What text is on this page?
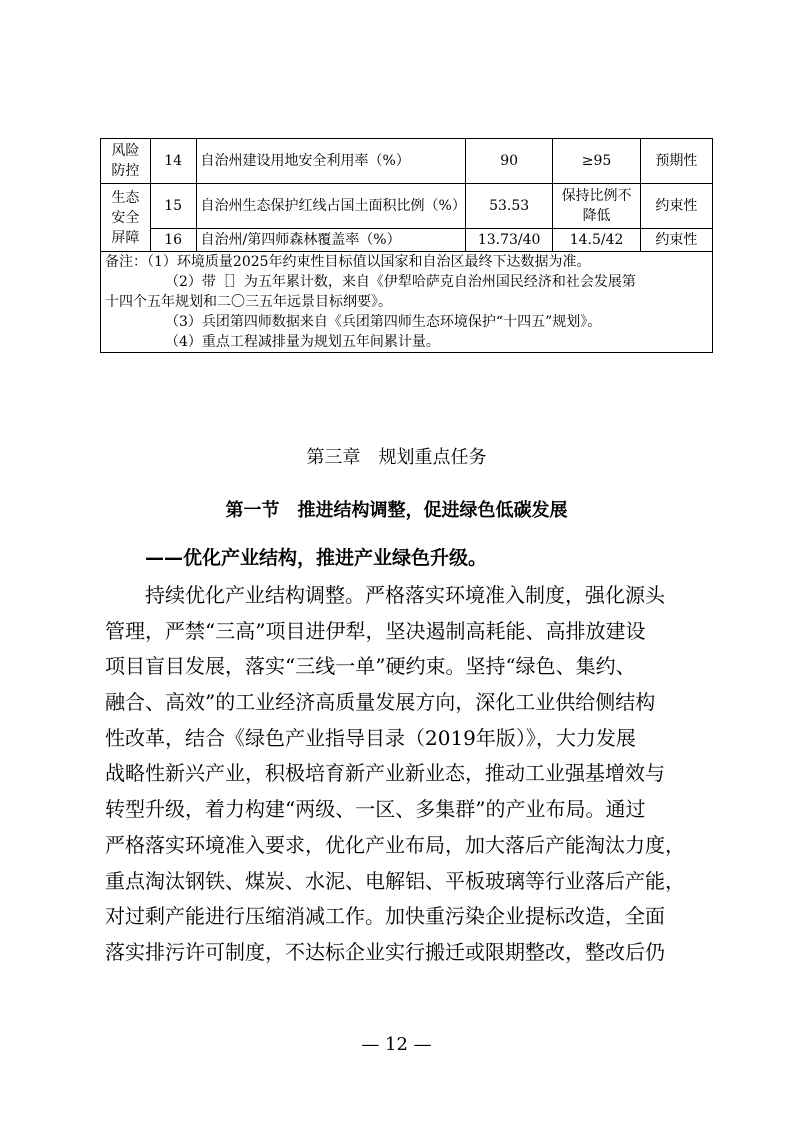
风险防控	14	自治州建设用地安全利用率（%）	90	≥95	预期性
生态安全屏障	15	自治州生态保护红线占国土面积比例（%）	53.53	保持比例不降低	约束性
	16	自治州/第四师森林覆盖率（%）	13.73/40	14.5/42	约束性

备注：（1）环境质量2025年约束性目标值以国家和自治区最终下达数据为准。
（2）带［］为五年累计数，来自《伊犁哈萨克自治州国民经济和社会发展第
十四个五年规划和二〇三五年远景目标纲要》。
（3）兵团第四师数据来自《兵团第四师生态环境保护“十四五”规划》。
（4）重点工程减排量为规划五年间累计量。					
第三章　规划重点任务
第一节　推进结构调整，促进绿色低碳发展
——优化产业结构，推进产业绿色升级。
　　持续优化产业结构调整。严格落实环境准入制度，强化源头
管理，严禁“三高”项目进伊犁，坚决遏制高耗能、高排放建设
项目盲目发展，落实“三线一单”硬约束。坚持“绿色、集约、
融合、高效”的工业经济高质量发展方向，深化工业供给侧结构
性改革，结合《绿色产业指导目录（2019年版）》，大力发展
战略性新兴产业，积极培育新产业新业态，推动工业强基增效与
转型升级，着力构建“两级、一区、多集群”的产业布局。通过
严格落实环境准入要求，优化产业布局，加大落后产能淘汰力度，
重点淘汰钢铁、煤炭、水泥、电解铝、平板玻璃等行业落后产能，
对过剩产能进行压缩消减工作。加快重污染企业提标改造，全面
落实排污许可制度，不达标企业实行搬迁或限期整改，整改后仍
— 12 —
